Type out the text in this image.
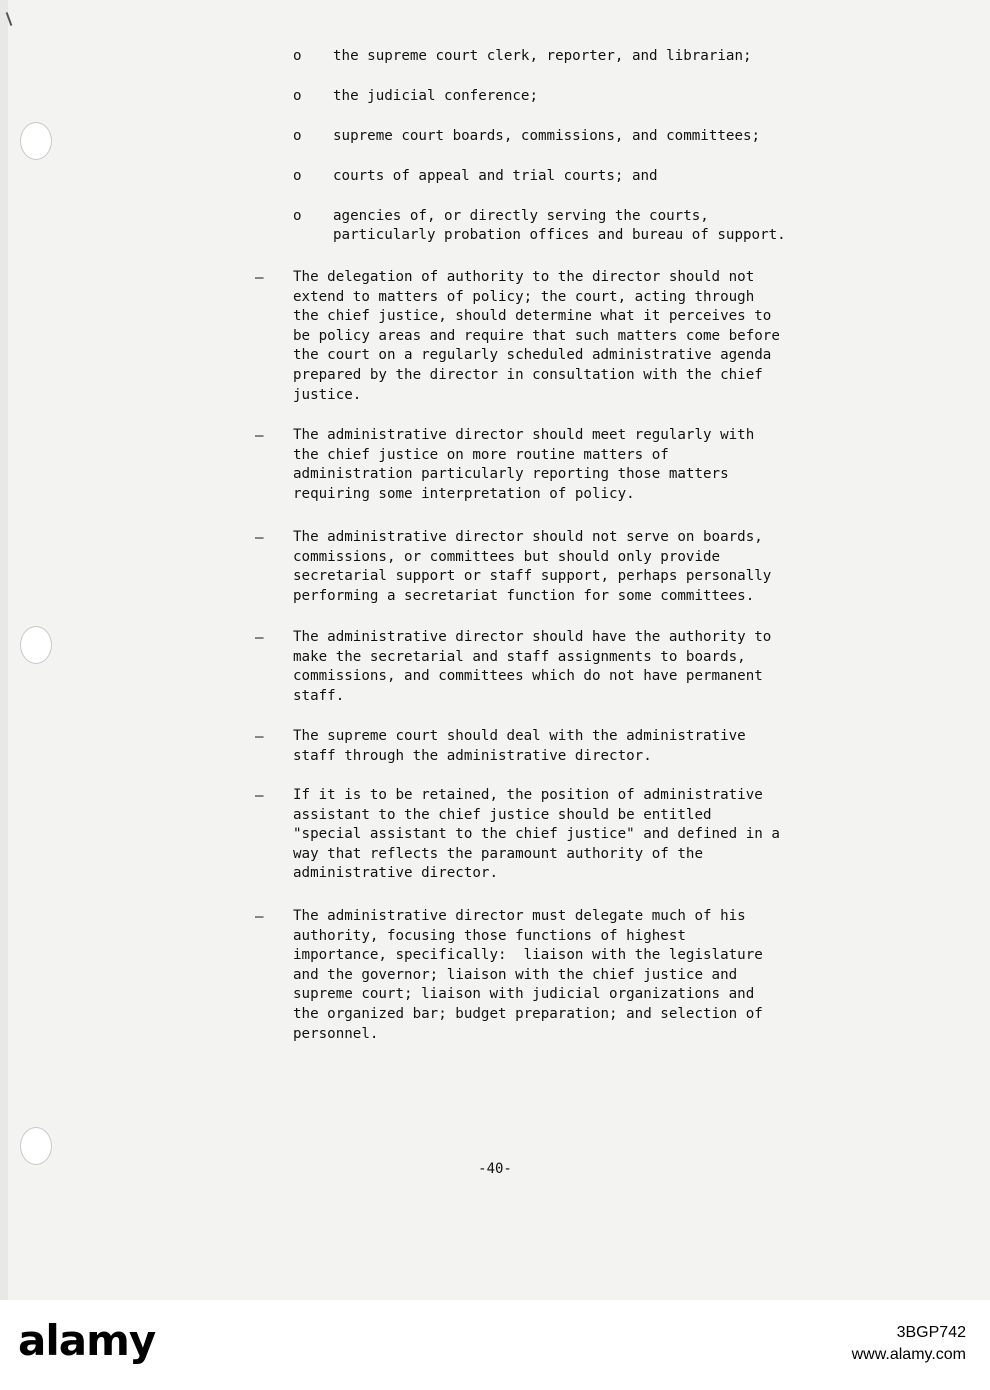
o the supreme court clerk, reporter, and librarian;
o the judicial conference;
o supreme court boards, commissions, and committees;
o courts of appeal and trial courts; and
o agencies of, or directly serving the courts,
particularly probation offices and bureau of support.
– The delegation of authority to the director should not
extend to matters of policy; the court, acting through
the chief justice, should determine what it perceives to
be policy areas and require that such matters come before
the court on a regularly scheduled administrative agenda
prepared by the director in consultation with the chief
justice.
– The administrative director should meet regularly with
the chief justice on more routine matters of
administration particularly reporting those matters
requiring some interpretation of policy.
– The administrative director should not serve on boards,
commissions, or committees but should only provide
secretarial support or staff support, perhaps personally
performing a secretariat function for some committees.
– The administrative director should have the authority to
make the secretarial and staff assignments to boards,
commissions, and committees which do not have permanent
staff.
– The supreme court should deal with the administrative
staff through the administrative director.
– If it is to be retained, the position of administrative
assistant to the chief justice should be entitled
"special assistant to the chief justice" and defined in a
way that reflects the paramount authority of the
administrative director.
– The administrative director must delegate much of his
authority, focusing those functions of highest
importance, specifically:  liaison with the legislature
and the governor; liaison with the chief justice and
supreme court; liaison with judicial organizations and
the organized bar; budget preparation; and selection of
personnel.
-40-
alamy	3BGP742
www.alamy.com
